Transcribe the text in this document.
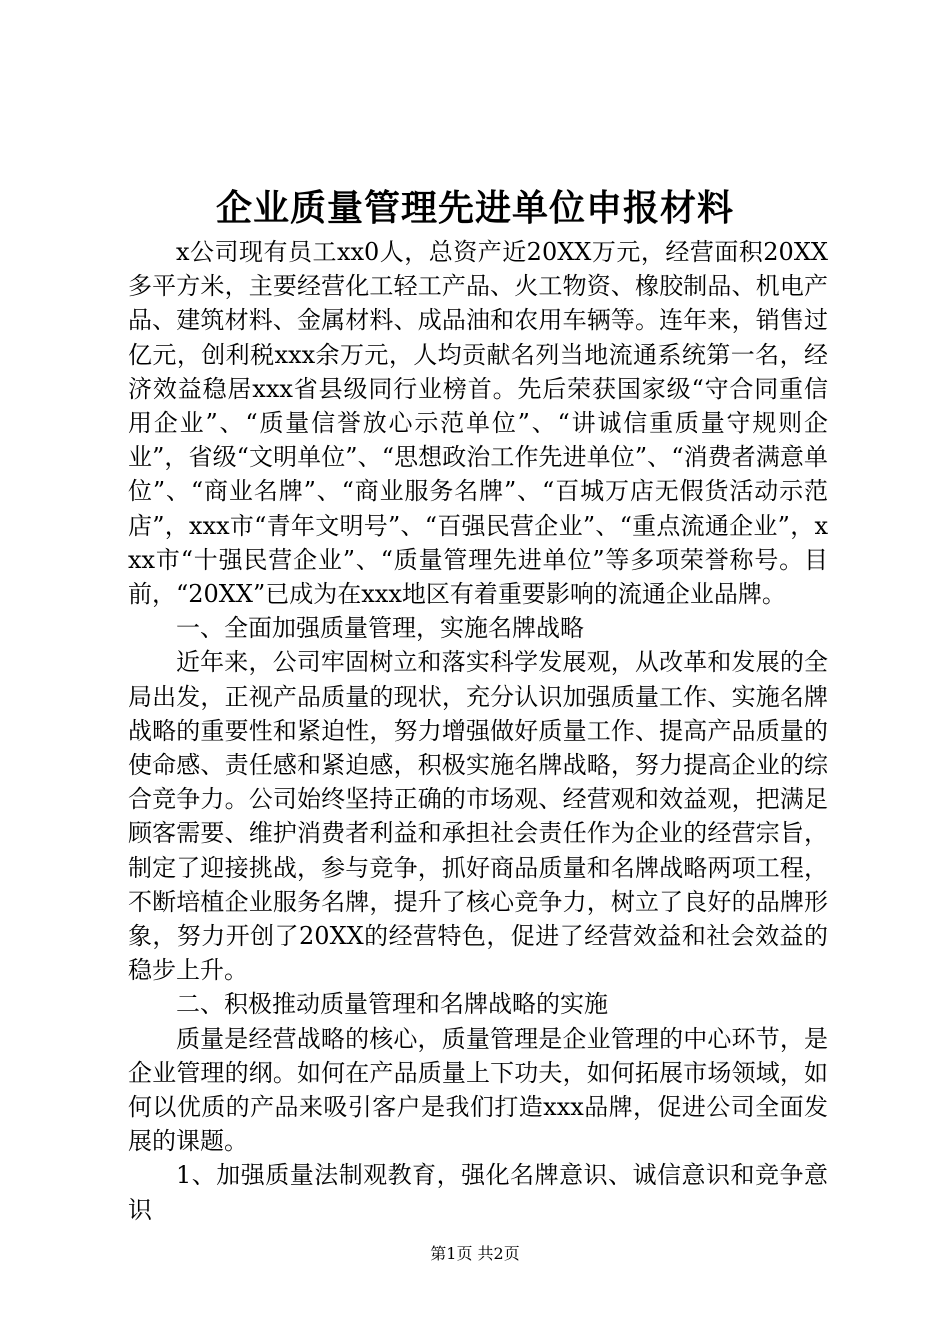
企业质量管理先进单位申报材料

x公司现有员工xx0人，总资产近20XX万元，经营面积20XX多平方米，主要经营化工轻工产品、火工物资、橡胶制品、机电产品、建筑材料、金属材料、成品油和农用车辆等。连年来，销售过亿元，创利税xxx余万元，人均贡献名列当地流通系统第一名，经济效益稳居xxx省县级同行业榜首。先后荣获国家级“守合同重信用企业”、“质量信誉放心示范单位”、“讲诚信重质量守规则企业”，省级“文明单位”、“思想政治工作先进单位”、“消费者满意单位”、“商业名牌”、“商业服务名牌”、“百城万店无假货活动示范店”，xxx市“青年文明号”、“百强民营企业”、“重点流通企业”，xxx市“十强民营企业”、“质量管理先进单位”等多项荣誉称号。目前，“20XX”已成为在xxx地区有着重要影响的流通企业品牌。

一、全面加强质量管理，实施名牌战略

近年来，公司牢固树立和落实科学发展观，从改革和发展的全局出发，正视产品质量的现状，充分认识加强质量工作、实施名牌战略的重要性和紧迫性，努力增强做好质量工作、提高产品质量的使命感、责任感和紧迫感，积极实施名牌战略，努力提高企业的综合竞争力。公司始终坚持正确的市场观、经营观和效益观，把满足顾客需要、维护消费者利益和承担社会责任作为企业的经营宗旨，制定了迎接挑战，参与竞争，抓好商品质量和名牌战略两项工程，不断培植企业服务名牌，提升了核心竞争力，树立了良好的品牌形象，努力开创了20XX的经营特色，促进了经营效益和社会效益的稳步上升。

二、积极推动质量管理和名牌战略的实施

质量是经营战略的核心，质量管理是企业管理的中心环节，是企业管理的纲。如何在产品质量上下功夫，如何拓展市场领域，如何以优质的产品来吸引客户是我们打造xxx品牌，促进公司全面发展的课题。

1、加强质量法制观教育，强化名牌意识、诚信意识和竞争意识

第1页 共2页
